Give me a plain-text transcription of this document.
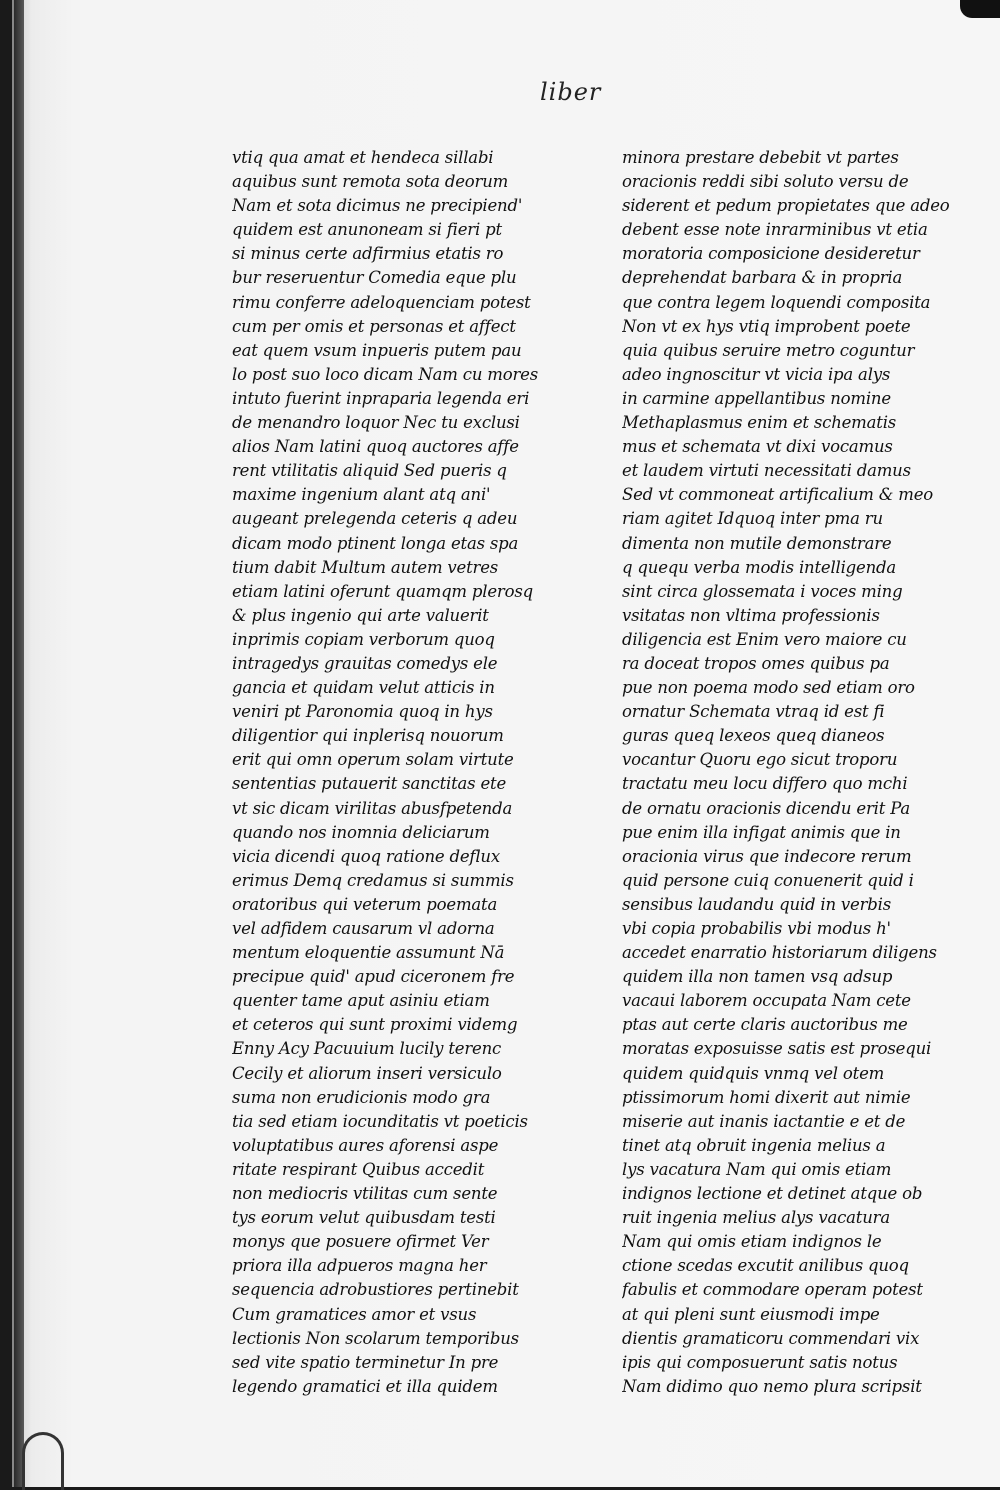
liber
vtiq qua amat et hendeca sillabi
aquibus sunt remota sota deorum
Nam et sota dicimus ne precipiend'
quidem est anunoneam si fieri pt
si minus certe adfirmius etatis ro
bur reseruentur Comedia eque plu
rimu conferre adeloquenciam potest
cum per omis et personas et affect
eat quem vsum inpueris putem pau
lo post suo loco dicam Nam cu mores
intuto fuerint inpraparia legenda eri
de menandro loquor Nec tu exclusi
alios Nam latini quoq auctores affe
rent vtilitatis aliquid Sed pueris q
maxime ingenium alant atq ani'
augeant prelegenda ceteris q adeu
dicam modo ptinent longa etas spa
tium dabit Multum autem vetres
etiam latini oferunt quamqm plerosq
& plus ingenio qui arte valuerit
inprimis copiam verborum quoq
intragedys grauitas comedys ele
gancia et quidam velut atticis in
veniri pt Paronomia quoq in hys
diligentior qui inplerisq nouorum
erit qui omn operum solam virtute
sententias putauerit sanctitas ete
vt sic dicam virilitas abusfpetenda
quando nos inomnia deliciarum
vicia dicendi quoq ratione deflux
erimus Demq credamus si summis
oratoribus qui veterum poemata
vel adfidem causarum vl adorna
mentum eloquentie assumunt Nā
precipue quid' apud ciceronem fre
quenter tame aput asiniu etiam
et ceteros qui sunt proximi videmg
Enny Acy Pacuuium lucily terenc
Cecily et aliorum inseri versiculo
suma non erudicionis modo gra
tia sed etiam iocunditatis vt poeticis
voluptatibus aures aforensi aspe
ritate respirant Quibus accedit
non mediocris vtilitas cum sente
tys eorum velut quibusdam testi
monys que posuere ofirmet Ver
priora illa adpueros magna her
sequencia adrobustiores pertinebit
Cum gramatices amor et vsus
lectionis Non scolarum temporibus
sed vite spatio terminetur In pre
legendo gramatici et illa quidem
minora prestare debebit vt partes
oracionis reddi sibi soluto versu de
siderent et pedum propietates que adeo
debent esse note inrarminibus vt etia
moratoria composicione desideretur
deprehendat barbara & in propria
que contra legem loquendi composita
Non vt ex hys vtiq improbent poete
quia quibus seruire metro coguntur
adeo ingnoscitur vt vicia ipa alys
in carmine appellantibus nomine
Methaplasmus enim et schematis
mus et schemata vt dixi vocamus
et laudem virtuti necessitati damus
Sed vt commoneat artificalium & meo
riam agitet Idquoq inter pma ru
dimenta non mutile demonstrare
q quequ verba modis intelligenda
sint circa glossemata i voces ming
vsitatas non vltima professionis
diligencia est Enim vero maiore cu
ra doceat tropos omes quibus pa
pue non poema modo sed etiam oro
ornatur Schemata vtraq id est fi
guras queq lexeos queq dianeos
vocantur Quoru ego sicut troporu
tractatu meu locu differo quo mchi
de ornatu oracionis dicendu erit Pa
pue enim illa infigat animis que in
oracionia virus que indecore rerum
quid persone cuiq conuenerit quid i
sensibus laudandu quid in verbis
vbi copia probabilis vbi modus h'
accedet enarratio historiarum diligens
quidem illa non tamen vsq adsup
vacaui laborem occupata Nam cete
ptas aut certe claris auctoribus me
moratas exposuisse satis est prosequi
quidem quidquis vnmq vel otem
ptissimorum homi dixerit aut nimie
miserie aut inanis iactantie e et de
tinet atq obruit ingenia melius a
lys vacatura Nam qui omis etiam
indignos lectione et detinet atque ob
ruit ingenia melius alys vacatura
Nam qui omis etiam indignos le
ctione scedas excutit anilibus quoq
fabulis et commodare operam potest
at qui pleni sunt eiusmodi impe
dientis gramaticoru commendari vix
ipis qui composuerunt satis notus
Nam didimo quo nemo plura scripsit
